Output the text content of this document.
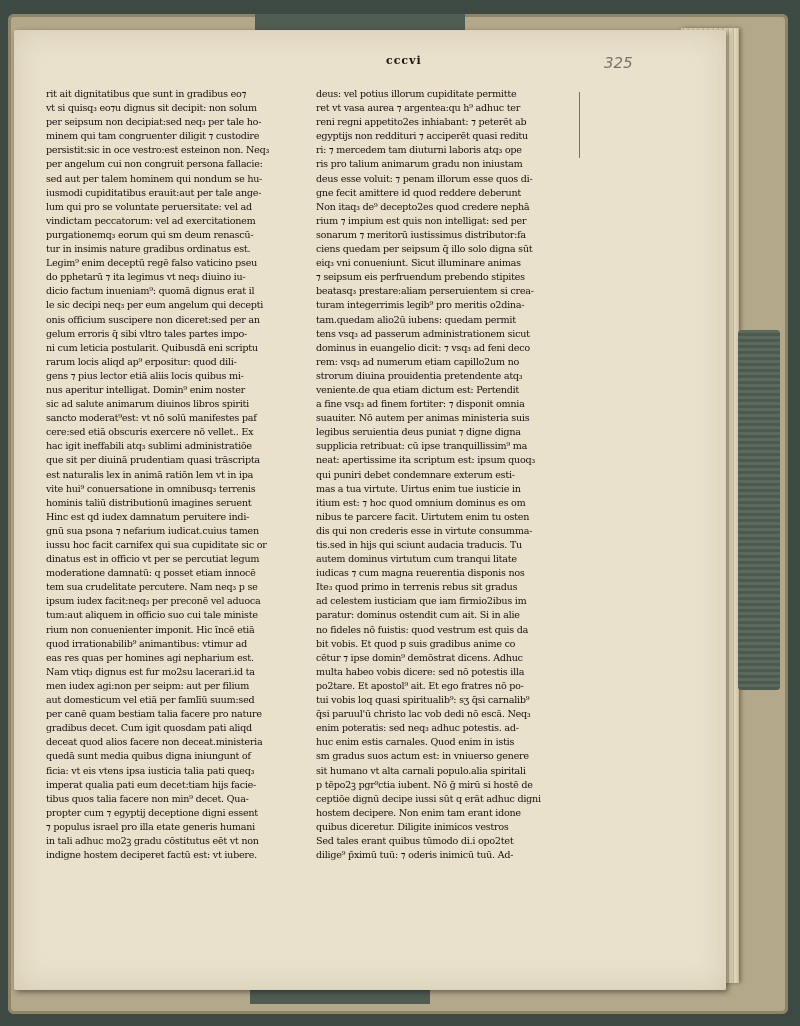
cccvi	325
rit ait dignitatibus que sunt in gradibus eo⁊
vt si quisq₃ eo⁊u dignus sit decipit: non solum
per seipsum non decipiat:sed neq₃ per tale ho-
minem qui tam congruenter diligit ⁊ custodire
persistit:sic in oce vestro:est esteinon non. Neq₃
per angelum cui non congruit persona fallacie:
sed aut per talem hominem qui nondum se hu-
iusmodi cupiditatibus erauit:aut per tale ange-
lum qui pro se voluntate peruersitate: vel ad
vindictam peccatorum: vel ad exercitationem
purgationemq₃ eorum qui sm deum renascū-
tur in insimis nature gradibus ordinatus est.
Legim⁹ enim deceptū regē falso vaticino pseu
do pphetarū ⁊ ita legimus vt neq₃ diuino iu-
dicio factum inueniam⁹: quomā dignus erat il
le sic decipi neq₃ per eum angelum qui decepti
onis officium suscipere non diceret:sed per an
gelum erroris q̄ sibi vltro tales partes impo-
ni cum leticia postularit. Quibusdā eni scriptu
rarum locis aliqd ap⁹ erpositur: quod dili-
gens ⁊ pius lector etiā aliis locis quibus mi-
nus aperitur intelligat. Domin⁹ enim noster
sic ad salute animarum diuinos libros spiriti
sancto moderat⁹est: vt nō solū manifestes paf
cere:sed etiā obscuris exercere nō vellet.. Ex
hac igit ineffabili atq₃ sublimi administratiōe
que sit per diuinā prudentiam quasi trāscripta
est naturalis lex in animā ratiōn lem vt in ipa
vite hui⁹ conuersatione in omnibusq₃ terrenis
hominis taliū distributionū imagines seruent
Hinc est qd iudex damnatum peruitere indi-
gnū sua psona ⁊ nefarium iudicat.cuius tamen
iussu hoc facit carnifex qui sua cupiditate sic or
dinatus est in officio vt per se percutiat legum
moderatione damnatū: q posset etiam innocē
tem sua crudelitate percutere. Nam neq₃ p se
ipsum iudex facit:neq₃ per preconē vel aduoca
tum:aut aliquem in officio suo cui tale ministe
rium non conuenienter imponit. Hic īncē etiā
quod irrationabilib⁹ animantibus: vtimur ad
eas res quas per homines agi nepharium est.
Nam vtiq₃ dignus est fur mo2su lacerari.id ta
men iudex agi:non per seipm: aut per filium
aut domesticum vel etiā per famlīū suum:sed
per canē quam bestiam talia facere pro nature
gradibus decet. Cum igit quosdam pati aliqd
deceat quod alios facere non deceat.ministeria
quedā sunt media quibus digna iniungunt of
ficia: vt eis vtens ipsa iusticia talia pati queq₃
imperat qualia pati eum decet:tiam hijs facie-
tibus quos talia facere non min⁹ decet. Qua-
propter cum ⁊ egyptij deceptione digni essent
⁊ populus israel pro illa etate generis humani
in tali adhuc mo2ꝫ gradu cōstitutus eēt vt non
indigne hostem deciperet factū est: vt iubere.
deus: vel potius illorum cupiditate permitte
ret vt vasa aurea ⁊ argentea:qu h⁹ adhuc ter
reni regni appetito2es inhiabant: ⁊ peterēt ab
egyptijs non reddituri ⁊ acciperēt quasi reditu
ri: ⁊ mercedem tam diuturni laboris atq₃ ope
ris pro talium animarum gradu non iniustam
deus esse voluit: ⁊ penam illorum esse quos di-
gne fecit amittere id quod reddere deberunt
Non itaq₃ de⁹ decepto2es quod credere nephā
rium ⁊ impium est quis non intelligat: sed per
sonarum ⁊ meritorū iustissimus distributor:fa
ciens quedam per seipsum q̄ illo solo digna sūt
eiq₃ vni conueniunt. Sicut illuminare animas
⁊ seipsum eis perfruendum prebendo stipites
beatasq₃ prestare:aliam perseruientem si crea-
turam integerrimis legib⁹ pro meritis o2dina-
tam.quedam alio2ū iubens: quedam permit
tens vsq₃ ad passerum administrationem sicut
dominus in euangelio dicit: ⁊ vsq₃ ad feni deco
rem: vsq₃ ad numerum etiam capillo2um no
strorum diuina prouidentia pretendente atq₃
veniente.de qua etiam dictum est: Pertendit
a fine vsq₃ ad finem fortiter: ⁊ disponit omnia
suauiter. Nō autem per animas ministeria suis
legibus seruientia deus puniat ⁊ digne digna
supplicia retribuat: cū ipse tranquillissim⁹ ma
neat: apertissime ita scriptum est: ipsum quoq₃
qui puniri debet condemnare exterum esti-
mas a tua virtute. Uirtus enim tue iusticie in
itium est: ⁊ hoc quod omnium dominus es om
nibus te parcere facit. Uirtutem enim tu osten
dis qui non crederis esse in virtute consumma-
tis.sed in hijs qui sciunt audacia traducis. Tu
autem dominus virtutum cum tranqui litate
iudicas ⁊ cum magna reuerentia disponis nos
Ite₃ quod primo in terrenis rebus sit gradus
ad celestem iusticiam que iam firmio2ibus im
paratur: dominus ostendit cum ait. Si in alie
no fideles nō fuistis: quod vestrum est quis da
bit vobis. Et quod p suis gradibus anime co
cētur ⁊ ipse domin⁹ demōstrat dicens. Adhuc
multa habeo vobis dicere: sed nō potestis illa
po2tare. Et apostol⁹ ait. Et ego fratres nō po-
tui vobis loq quasi spiritualib⁹: sʒ q̄si carnalib⁹
q̄si paruul'ū christo lac vob dedi nō escā. Neq₃
enim poteratis: sed neq₃ adhuc potestis. ad-
huc enim estis carnales. Quod enim in istis
sm gradus suos actum est: in vniuerso genere
sit humano vt alta carnali populo.alia spiritali
p tēpo2ꝫ pgr⁹ctia iubent. Nō ḡ mirū si hostē de
ceptiōe dignū decipe iussi sūt q erāt adhuc digni
hostem decipere. Non enim tam erant idone
quibus diceretur. Diligite inimicos vestros
Sed tales erant quibus tūmodo di.i opo2tet
dilige⁹ p̄ximū tuū: ⁊ oderis inimicū tuū. Ad-
